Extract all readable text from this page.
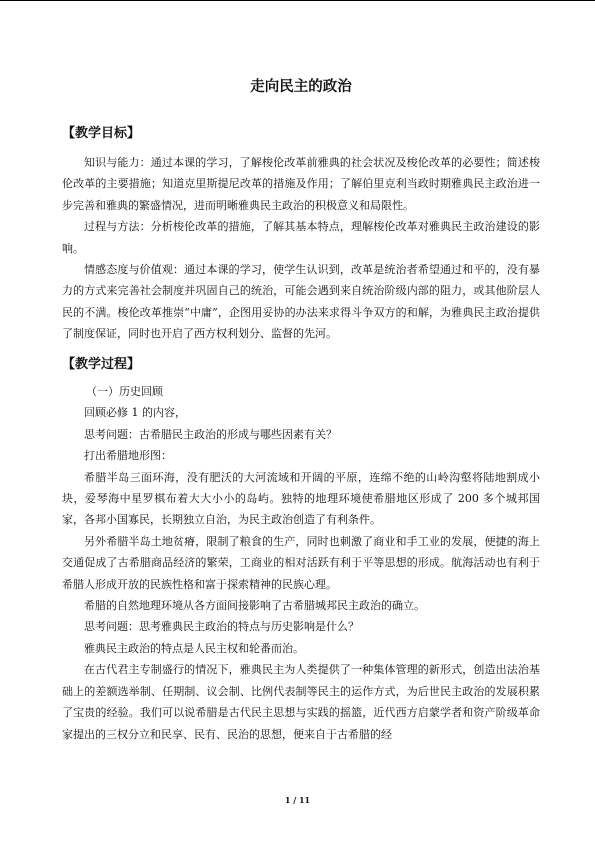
走向民主的政治
【教学目标】

知识与能力：通过本课的学习，了解梭伦改革前雅典的社会状况及梭伦改革的必要性；简述梭伦改革的主要措施；知道克里斯提尼改革的措施及作用；了解伯里克利当政时期雅典民主政治进一步完善和雅典的繁盛情况，进而明晰雅典民主政治的积极意义和局限性。

过程与方法：分析梭伦改革的措施，了解其基本特点，理解梭伦改革对雅典民主政治建设的影响。

情感态度与价值观：通过本课的学习，使学生认识到，改革是统治者希望通过和平的，没有暴力的方式来完善社会制度并巩固自己的统治，可能会遇到来自统治阶级内部的阻力，或其他阶层人民的不满。梭伦改革推崇“中庸”，企图用妥协的办法来求得斗争双方的和解，为雅典民主政治提供了制度保证，同时也开启了西方权利划分、监督的先河。

【教学过程】

（一）历史回顾

回顾必修 1 的内容，

思考问题：古希腊民主政治的形成与哪些因素有关？

打出希腊地形图：

希腊半岛三面环海，没有肥沃的大河流域和开阔的平原，连绵不绝的山岭沟壑将陆地割成小块，爱琴海中星罗棋布着大大小小的岛屿。独特的地理环境使希腊地区形成了 200 多个城邦国家，各邦小国寡民，长期独立自治，为民主政治创造了有利条件。

另外希腊半岛土地贫瘠，限制了粮食的生产，同时也刺激了商业和手工业的发展，便捷的海上交通促成了古希腊商品经济的繁荣，工商业的相对活跃有利于平等思想的形成。航海活动也有利于希腊人形成开放的民族性格和富于探索精神的民族心理。

希腊的自然地理环境从各方面间接影响了古希腊城邦民主政治的确立。

思考问题：思考雅典民主政治的特点与历史影响是什么？

雅典民主政治的特点是人民主权和轮番而治。

在古代君主专制盛行的情况下，雅典民主为人类提供了一种集体管理的新形式，创造出法治基础上的差额选举制、任期制、议会制、比例代表制等民主的运作方式，为后世民主政治的发展积累了宝贵的经验。我们可以说希腊是古代民主思想与实践的摇篮，近代西方启蒙学者和资产阶级革命家提出的三权分立和民享、民有、民治的思想，便来自于古希腊的经

1 / 11
